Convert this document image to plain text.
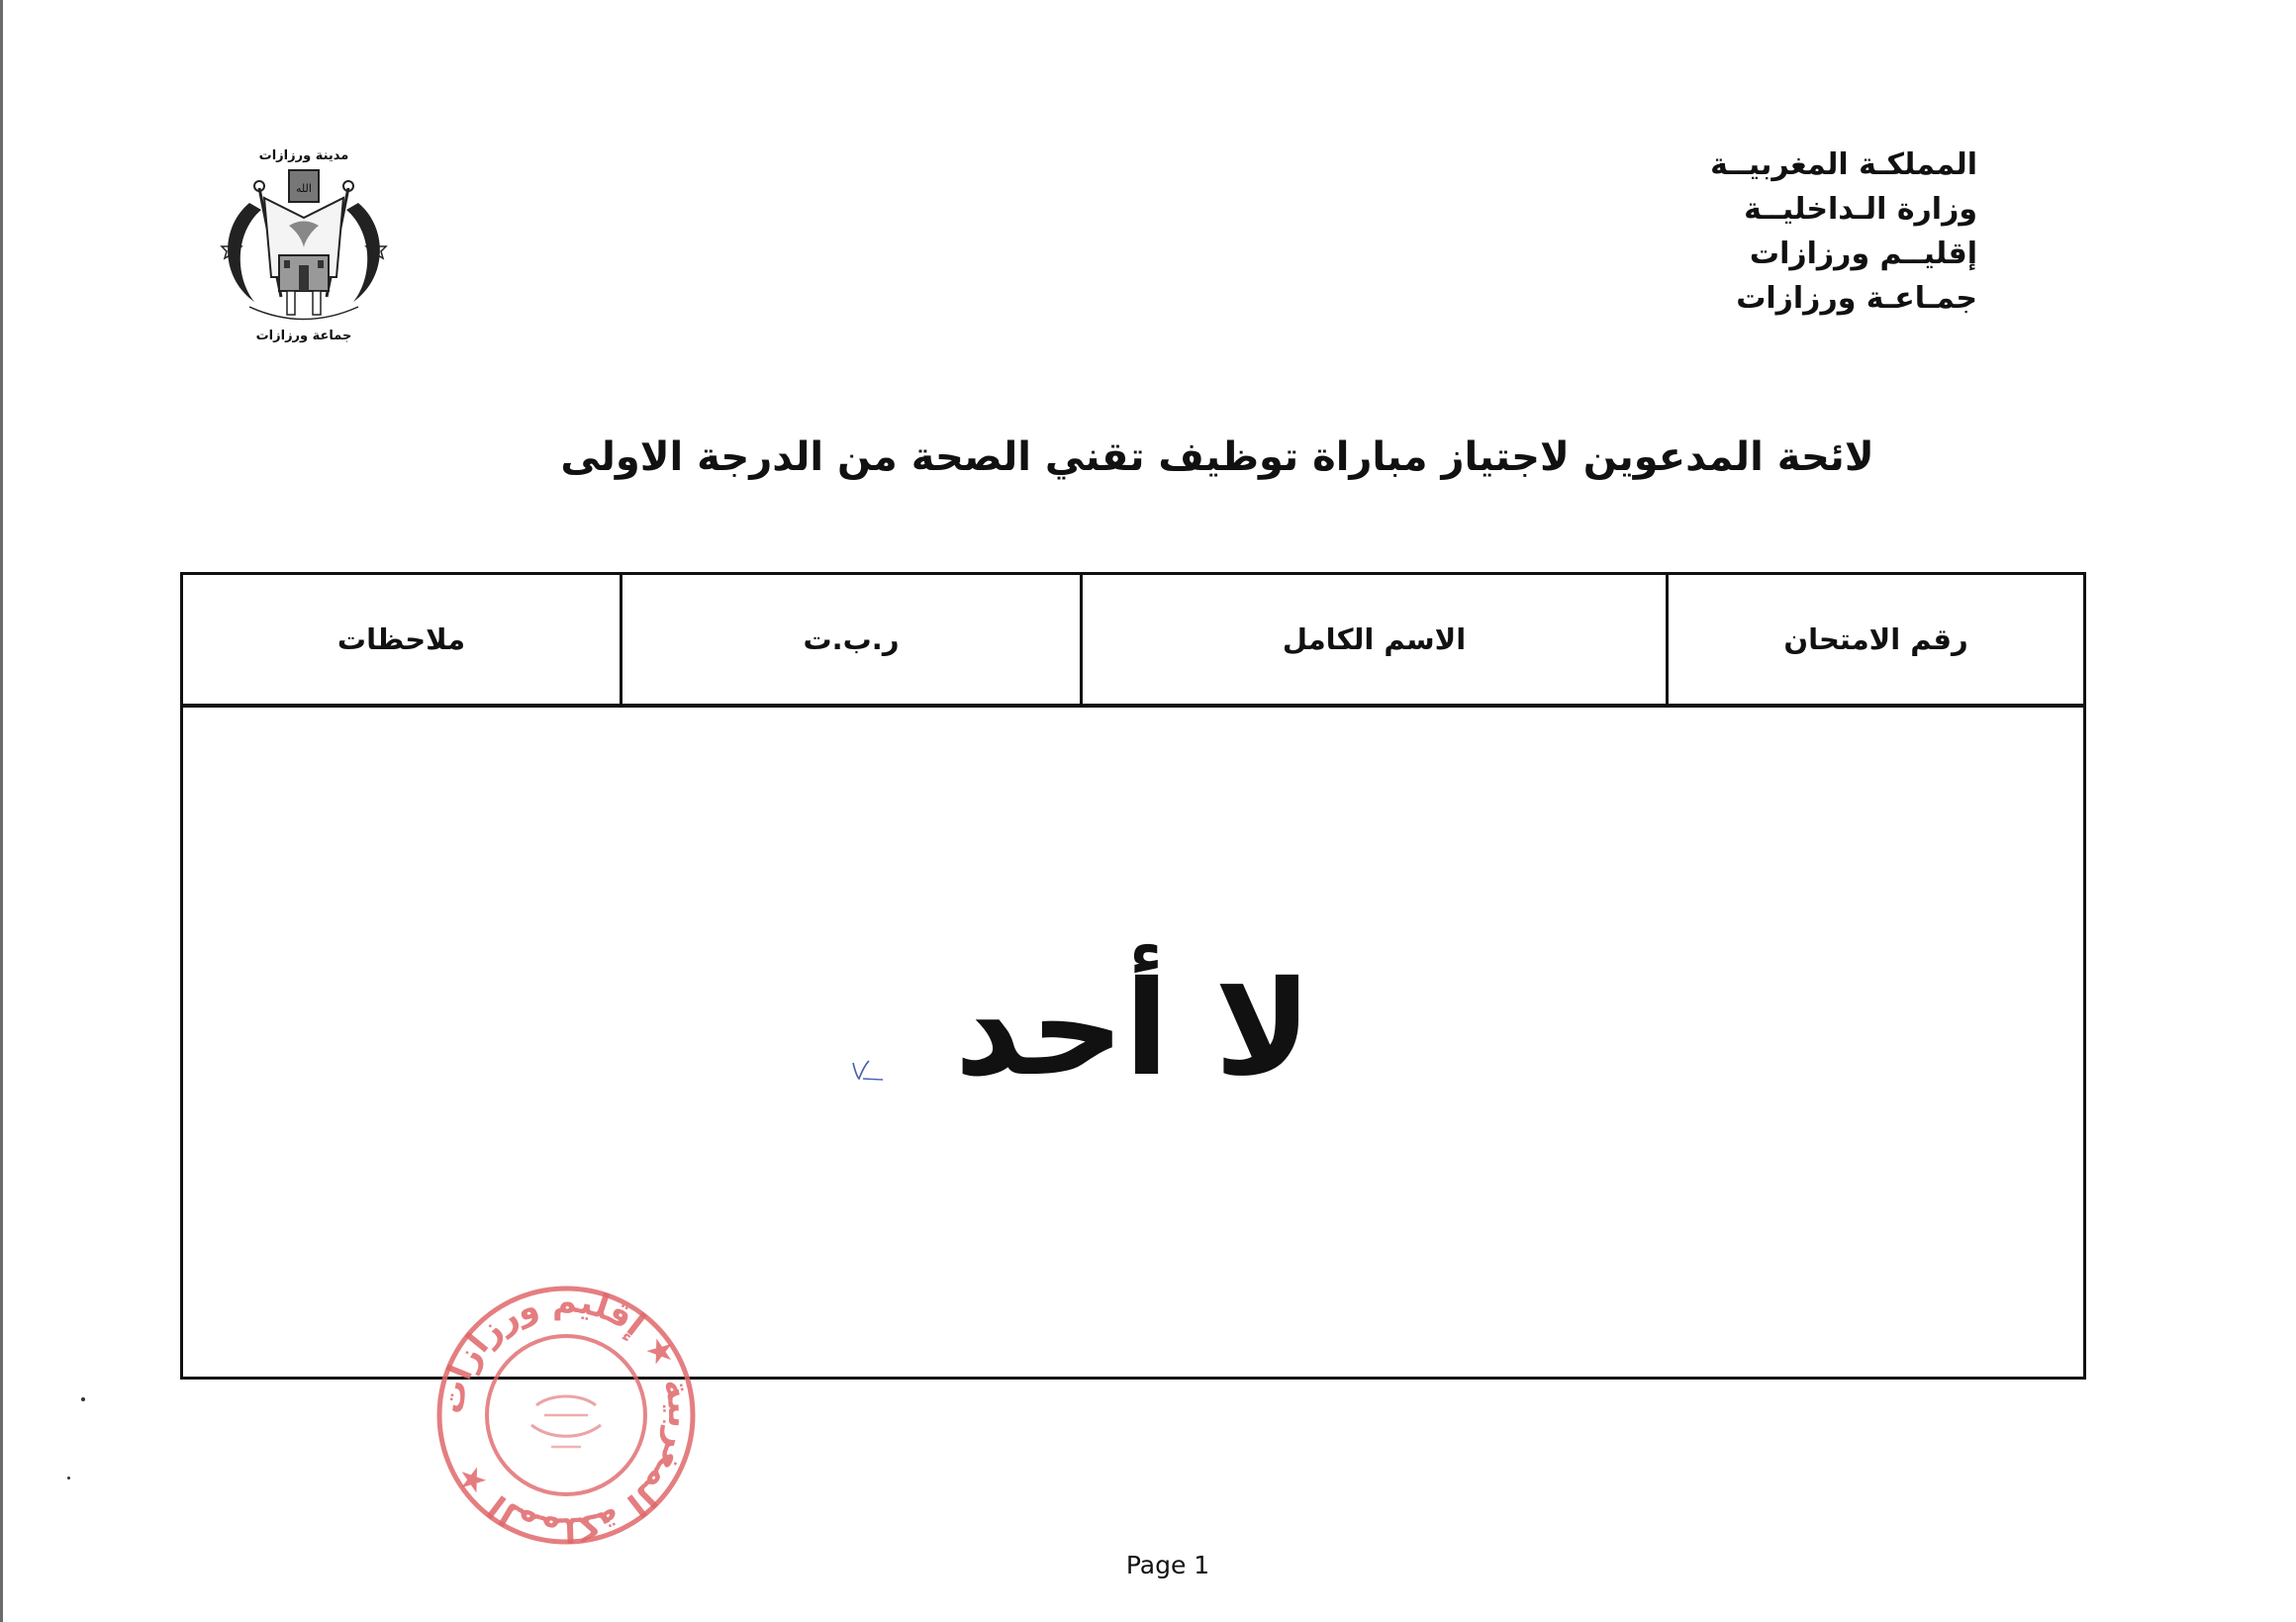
المملكـة المغربيــة
وزارة الـداخليــة
إقليــم ورزازات
جمـاعـة ورزازات
الله
مدينة ورزازات
جماعة ورزازات
لائحة المدعوين لاجتياز مباراة توظيف تقني الصحة من الدرجة الاولى
ملاحظات	ر.ب.ت	الاسم الكامل	رقم الامتحان
لا أحد
المملكة المغربية ★ إقليم ورزازات ★
Page 1
